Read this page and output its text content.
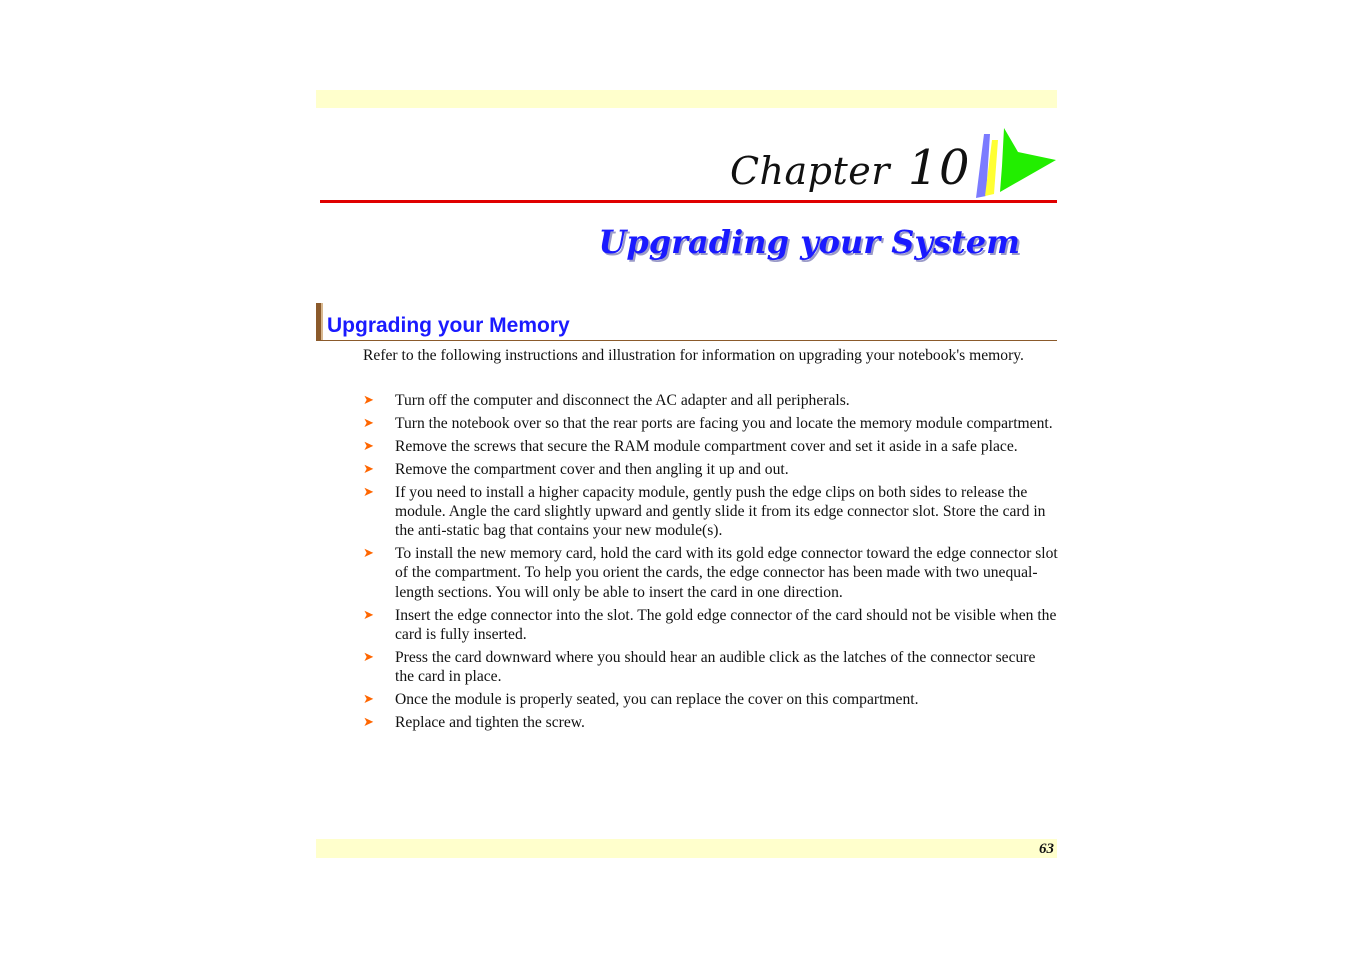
Chapter 10
Upgrading your System
Upgrading your Memory

Refer to the following instructions and illustration for information on upgrading your notebook's memory.

➤ Turn off the computer and disconnect the AC adapter and all peripherals.
➤ Turn the notebook over so that the rear ports are facing you and locate the memory module compartment.
➤ Remove the screws that secure the RAM module compartment cover and set it aside in a safe place.
➤ Remove the compartment cover and then angling it up and out.
➤ If you need to install a higher capacity module, gently push the edge clips on both sides to release the module. Angle the card slightly upward and gently slide it from its edge connector slot. Store the card in the anti-static bag that contains your new module(s).
➤ To install the new memory card, hold the card with its gold edge connector toward the edge connector slot of the compartment. To help you orient the cards, the edge connector has been made with two unequal-length sections. You will only be able to insert the card in one direction.
➤ Insert the edge connector into the slot. The gold edge connector of the card should not be visible when the card is fully inserted.
➤ Press the card downward where you should hear an audible click as the latches of the connector secure the card in place.
➤ Once the module is properly seated, you can replace the cover on this compartment.
➤ Replace and tighten the screw.
63
